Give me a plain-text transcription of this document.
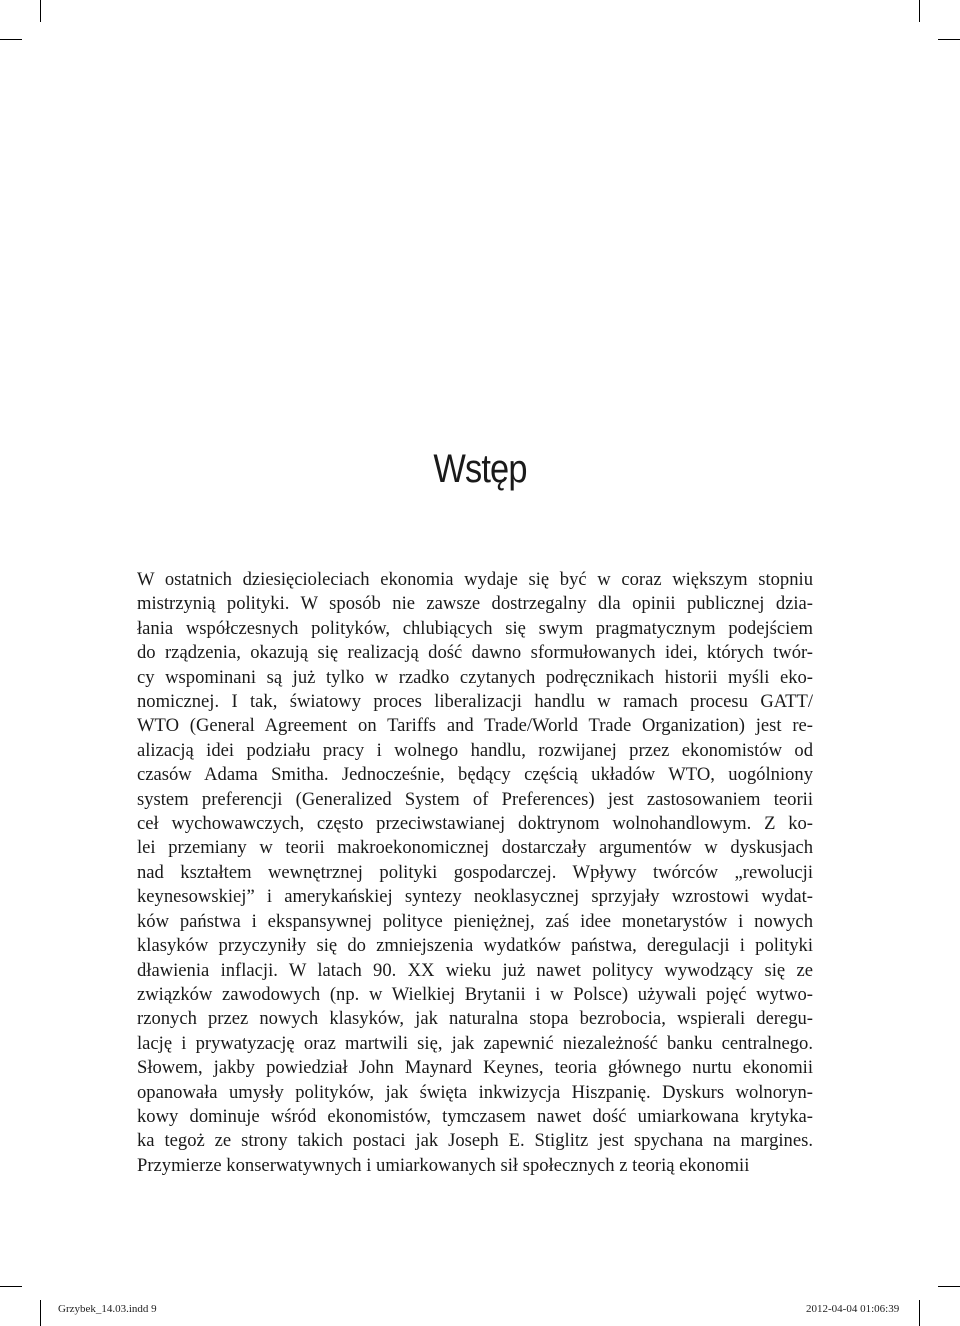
Wstęp
W ostatnich dziesięcioleciach ekonomia wydaje się być w coraz większym stopniu
mistrzynią polityki. W sposób nie zawsze dostrzegalny dla opinii publicznej dzia-
łania współczesnych polityków, chlubiących się swym pragmatycznym podejściem
do rządzenia, okazują się realizacją dość dawno sformułowanych idei, których twór-
cy wspominani są już tylko w rzadko czytanych podręcznikach historii myśli eko-
nomicznej. I tak, światowy proces liberalizacji handlu w ramach procesu GATT/
WTO (General Agreement on Tariffs and Trade/World Trade Organization) jest re-
alizacją idei podziału pracy i wolnego handlu, rozwijanej przez ekonomistów od
czasów Adama Smitha. Jednocześnie, będący częścią układów WTO, uogólniony
system preferencji (Generalized System of Preferences) jest zastosowaniem teorii
ceł wychowawczych, często przeciwstawianej doktrynom wolnohandlowym. Z ko-
lei przemiany w teorii makroekonomicznej dostarczały argumentów w dyskusjach
nad kształtem wewnętrznej polityki gospodarczej. Wpływy twórców „rewolucji
keynesowskiej” i amerykańskiej syntezy neoklasycznej sprzyjały wzrostowi wydat-
ków państwa i ekspansywnej polityce pieniężnej, zaś idee monetarystów i nowych
klasyków przyczyniły się do zmniejszenia wydatków państwa, deregulacji i polityki
dławienia inflacji. W latach 90. XX wieku już nawet politycy wywodzący się ze
związków zawodowych (np. w Wielkiej Brytanii i w Polsce) używali pojęć wytwo-
rzonych przez nowych klasyków, jak naturalna stopa bezrobocia, wspierali deregu-
lację i prywatyzację oraz martwili się, jak zapewnić niezależność banku centralnego.
Słowem, jakby powiedział John Maynard Keynes, teoria głównego nurtu ekonomii
opanowała umysły polityków, jak święta inkwizycja Hiszpanię. Dyskurs wolnoryn-
kowy dominuje wśród ekonomistów, tymczasem nawet dość umiarkowana krytyka-
ka tegoż ze strony takich postaci jak Joseph E. Stiglitz jest spychana na margines.
Przymierze konserwatywnych i umiarkowanych sił społecznych z teorią ekonomii
Grzybek_14.03.indd 9	2012-04-04 01:06:39
